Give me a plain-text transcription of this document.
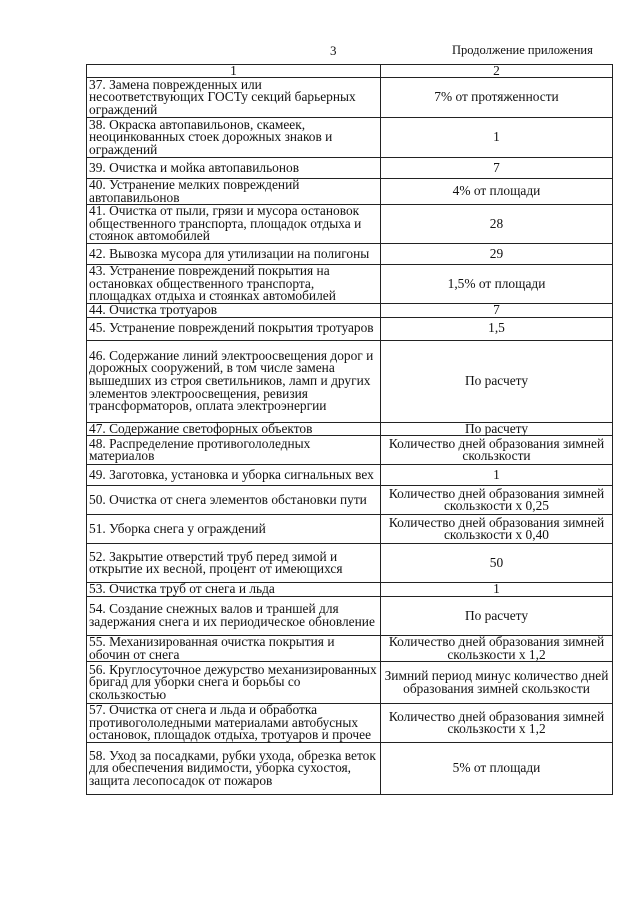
3	Продолжение приложения
1	2
37. Замена поврежденных или несоответствующих ГОСТу секций барьерных ограждений	7% от протяженности
38. Окраска автопавильонов, скамеек, неоцинкованных стоек дорожных знаков и ограждений	1
39. Очистка и мойка автопавильонов	7
40. Устранение мелких повреждений автопавильонов	4% от площади
41. Очистка от пыли, грязи и мусора остановок общественного транспорта, площадок отдыха и стоянок автомобилей	28
42. Вывозка мусора для утилизации на полигоны	29
43. Устранение повреждений покрытия на остановках общественного транспорта, площадках отдыха и стоянках автомобилей	1,5% от площади
44. Очистка тротуаров	7
45. Устранение повреждений покрытия тротуаров	1,5
46. Содержание линий электроосвещения дорог и дорожных сооружений, в том числе замена вышедших из строя светильников, ламп и других элементов электроосвещения, ревизия трансформаторов, оплата электроэнергии	По расчету
47. Содержание светофорных объектов	По расчету
48. Распределение противогололедных материалов	Количество дней образования зимней скользкости
49. Заготовка, установка и уборка сигнальных вех	1
50. Очистка от снега элементов обстановки пути	Количество дней образования зимней скользкости х 0,25
51. Уборка снега у ограждений	Количество дней образования зимней скользкости х 0,40
52. Закрытие отверстий труб перед зимой и открытие их весной, процент от имеющихся	50
53. Очистка труб от снега и льда	1
54. Создание снежных валов и траншей для задержания снега и их периодическое обновление	По расчету
55. Механизированная очистка покрытия и обочин от снега	Количество дней образования зимней скользкости х 1,2
56. Круглосуточное дежурство механизированных бригад для уборки снега и борьбы со скользкостью	Зимний период минус количество дней образования зимней скользкости
57. Очистка от снега и льда и обработка противогололедными материалами автобусных остановок, площадок отдыха, тротуаров и прочее	Количество дней образования зимней скользкости х 1,2
58. Уход за посадками, рубки ухода, обрезка веток для обеспечения видимости, уборка сухостоя, защита лесопосадок от пожаров	5% от площади
